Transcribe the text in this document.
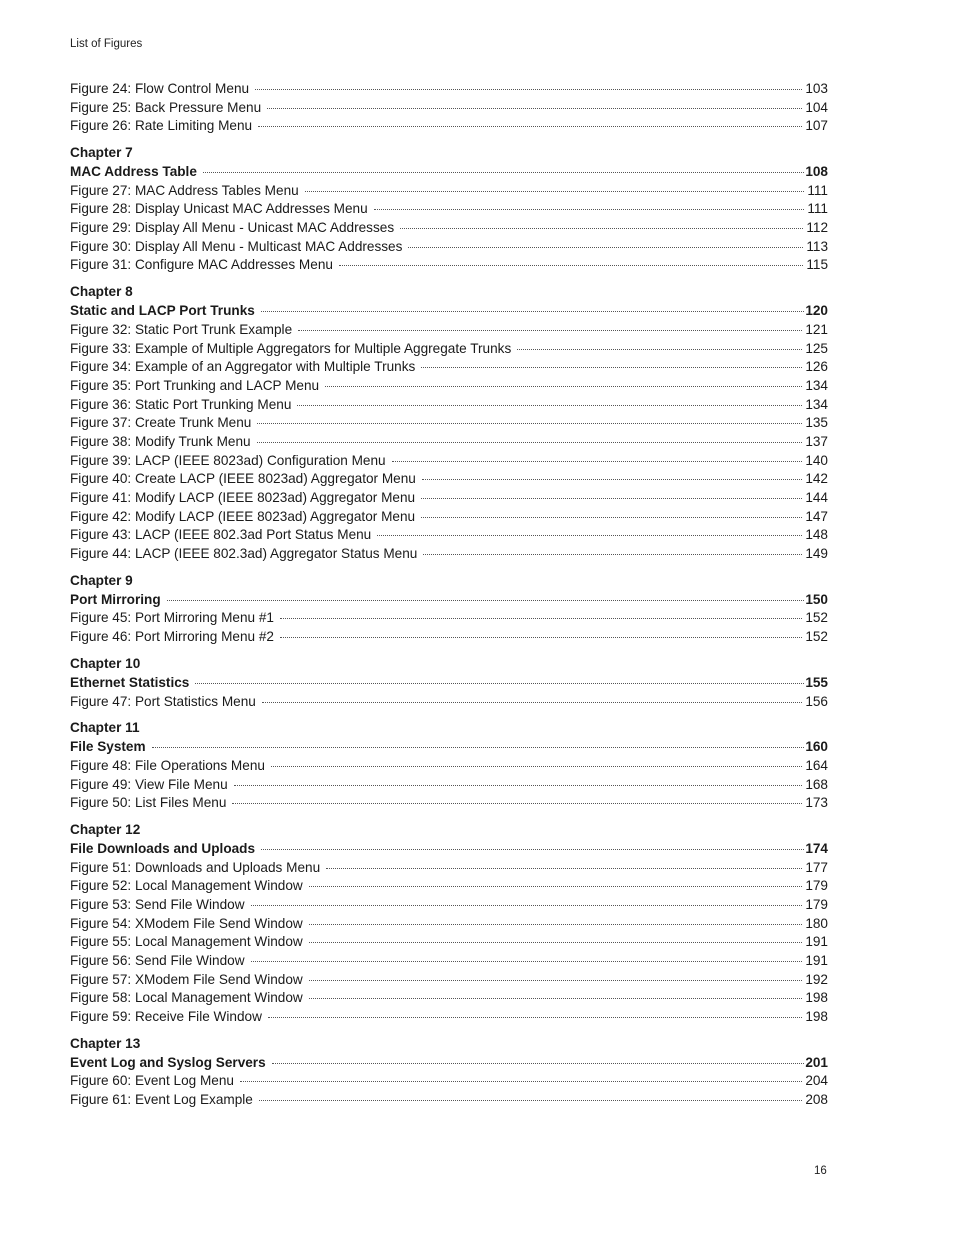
List of Figures
Figure 24: Flow Control Menu	103
Figure 25: Back Pressure Menu	104
Figure 26: Rate Limiting Menu	107
Chapter 7
MAC Address Table	108
Figure 27: MAC Address Tables Menu	111
Figure 28: Display Unicast MAC Addresses Menu	111
Figure 29: Display All Menu - Unicast MAC Addresses	112
Figure 30: Display All Menu - Multicast MAC Addresses	113
Figure 31: Configure MAC Addresses Menu	115
Chapter 8
Static and LACP Port Trunks	120
Figure 32: Static Port Trunk Example	121
Figure 33: Example of Multiple Aggregators for Multiple Aggregate Trunks	125
Figure 34: Example of an Aggregator with Multiple Trunks	126
Figure 35: Port Trunking and LACP Menu	134
Figure 36: Static Port Trunking Menu	134
Figure 37: Create Trunk Menu	135
Figure 38: Modify Trunk Menu	137
Figure 39: LACP (IEEE 8023ad) Configuration Menu	140
Figure 40: Create LACP (IEEE 8023ad) Aggregator Menu	142
Figure 41: Modify LACP (IEEE 8023ad) Aggregator Menu	144
Figure 42: Modify LACP (IEEE 8023ad) Aggregator Menu	147
Figure 43: LACP (IEEE 802.3ad Port Status Menu	148
Figure 44: LACP (IEEE 802.3ad) Aggregator Status Menu	149
Chapter 9
Port Mirroring	150
Figure 45: Port Mirroring Menu #1	152
Figure 46: Port Mirroring Menu #2	152
Chapter 10
Ethernet Statistics	155
Figure 47: Port Statistics Menu	156
Chapter 11
File System	160
Figure 48: File Operations Menu	164
Figure 49: View File Menu	168
Figure 50: List Files Menu	173
Chapter 12
File Downloads and Uploads	174
Figure 51: Downloads and Uploads Menu	177
Figure 52: Local Management Window	179
Figure 53: Send File Window	179
Figure 54: XModem File Send Window	180
Figure 55: Local Management Window	191
Figure 56: Send File Window	191
Figure 57: XModem File Send Window	192
Figure 58: Local Management Window	198
Figure 59: Receive File Window	198
Chapter 13
Event Log and Syslog Servers	201
Figure 60: Event Log Menu	204
Figure 61: Event Log Example	208
16
